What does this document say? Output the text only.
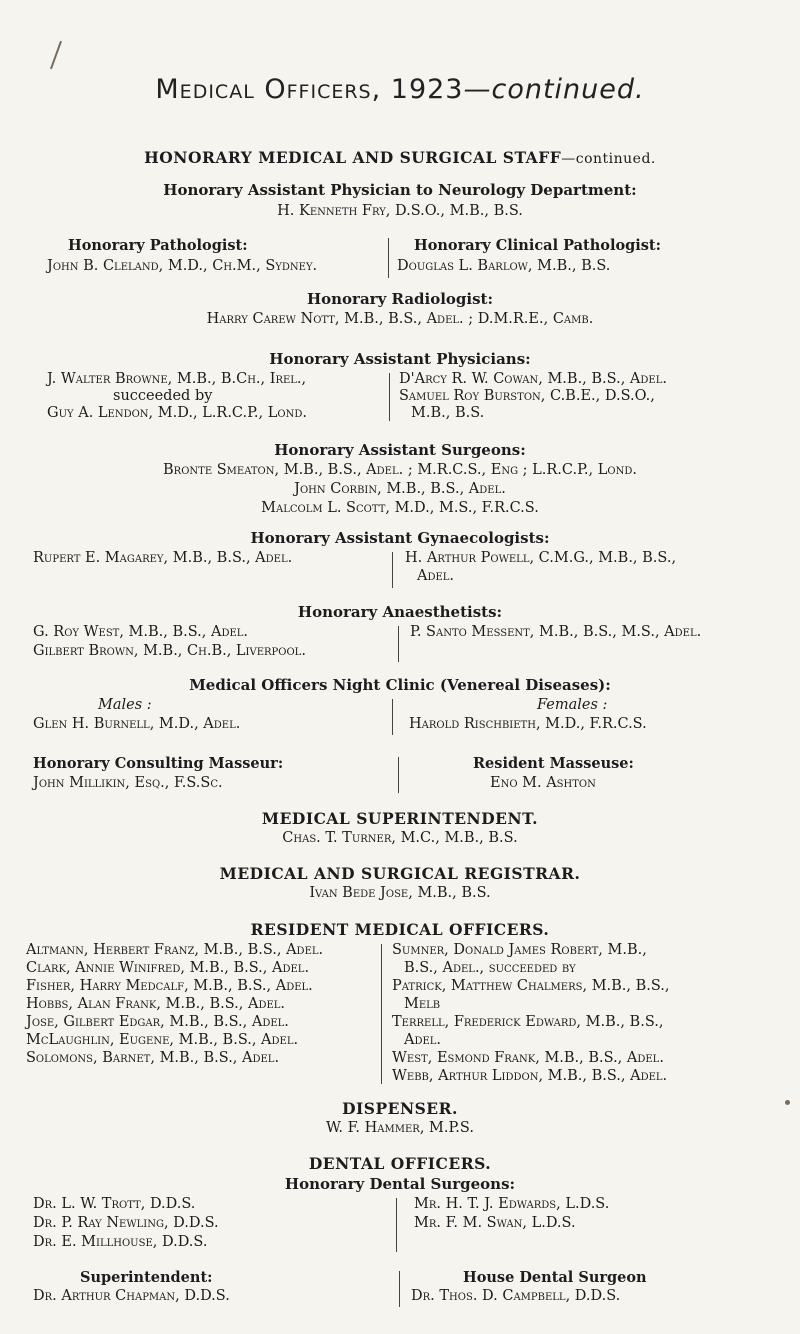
Medical Officers, 1923—continued.
HONORARY MEDICAL AND SURGICAL STAFF—continued.
Honorary Assistant Physician to Neurology Department:
H. Kenneth Fry, D.S.O., M.B., B.S.
Honorary Pathologist:
John B. Cleland, M.D., Ch.M., Sydney.
Honorary Clinical Pathologist:
Douglas L. Barlow, M.B., B.S.
Honorary Radiologist:
Harry Carew Nott, M.B., B.S., Adel. ; D.M.R.E., Camb.
Honorary Assistant Physicians:
J. Walter Browne, M.B., B.Ch., Irel.,
succeeded by
Guy A. Lendon, M.D., L.R.C.P., Lond.
D'Arcy R. W. Cowan, M.B., B.S., Adel.
Samuel Roy Burston, C.B.E., D.S.O.,
M.B., B.S.
Honorary Assistant Surgeons:
Bronte Smeaton, M.B., B.S., Adel. ; M.R.C.S., Eng ; L.R.C.P., Lond.
John Corbin, M.B., B.S., Adel.
Malcolm L. Scott, M.D., M.S., F.R.C.S.
Honorary Assistant Gynaecologists:
Rupert E. Magarey, M.B., B.S., Adel.	H. Arthur Powell, C.M.G., M.B., B.S.,
Adel.
Honorary Anaesthetists:
G. Roy West, M.B., B.S., Adel.
Gilbert Brown, M.B., Ch.B., Liverpool.
P. Santo Messent, M.B., B.S., M.S., Adel.
Medical Officers Night Clinic (Venereal Diseases):
Males :
Glen H. Burnell, M.D., Adel.
Females :
Harold Rischbieth, M.D., F.R.C.S.
Honorary Consulting Masseur:
John Millikin, Esq., F.S.Sc.
Resident Masseuse:
Eno M. Ashton
MEDICAL SUPERINTENDENT.
Chas. T. Turner, M.C., M.B., B.S.
MEDICAL AND SURGICAL REGISTRAR.
Ivan Bede Jose, M.B., B.S.
RESIDENT MEDICAL OFFICERS.
Altmann, Herbert Franz, M.B., B.S., Adel.
Clark, Annie Winifred, M.B., B.S., Adel.
Fisher, Harry Medcalf, M.B., B.S., Adel.
Hobbs, Alan Frank, M.B., B.S., Adel.
Jose, Gilbert Edgar, M.B., B.S., Adel.
McLaughlin, Eugene, M.B., B.S., Adel.
Solomons, Barnet, M.B., B.S., Adel.
Sumner, Donald James Robert, M.B.,
B.S., Adel., succeeded by
Patrick, Matthew Chalmers, M.B., B.S.,
Melb
Terrell, Frederick Edward, M.B., B.S.,
Adel.
West, Esmond Frank, M.B., B.S., Adel.
Webb, Arthur Liddon, M.B., B.S., Adel.
DISPENSER.
W. F. Hammer, M.P.S.
DENTAL OFFICERS.
Honorary Dental Surgeons:
Dr. L. W. Trott, D.D.S.
Dr. P. Ray Newling, D.D.S.
Dr. E. Millhouse, D.D.S.
Mr. H. T. J. Edwards, L.D.S.
Mr. F. M. Swan, L.D.S.
Superintendent:
Dr. Arthur Chapman, D.D.S.
House Dental Surgeon
Dr. Thos. D. Campbell, D.D.S.
